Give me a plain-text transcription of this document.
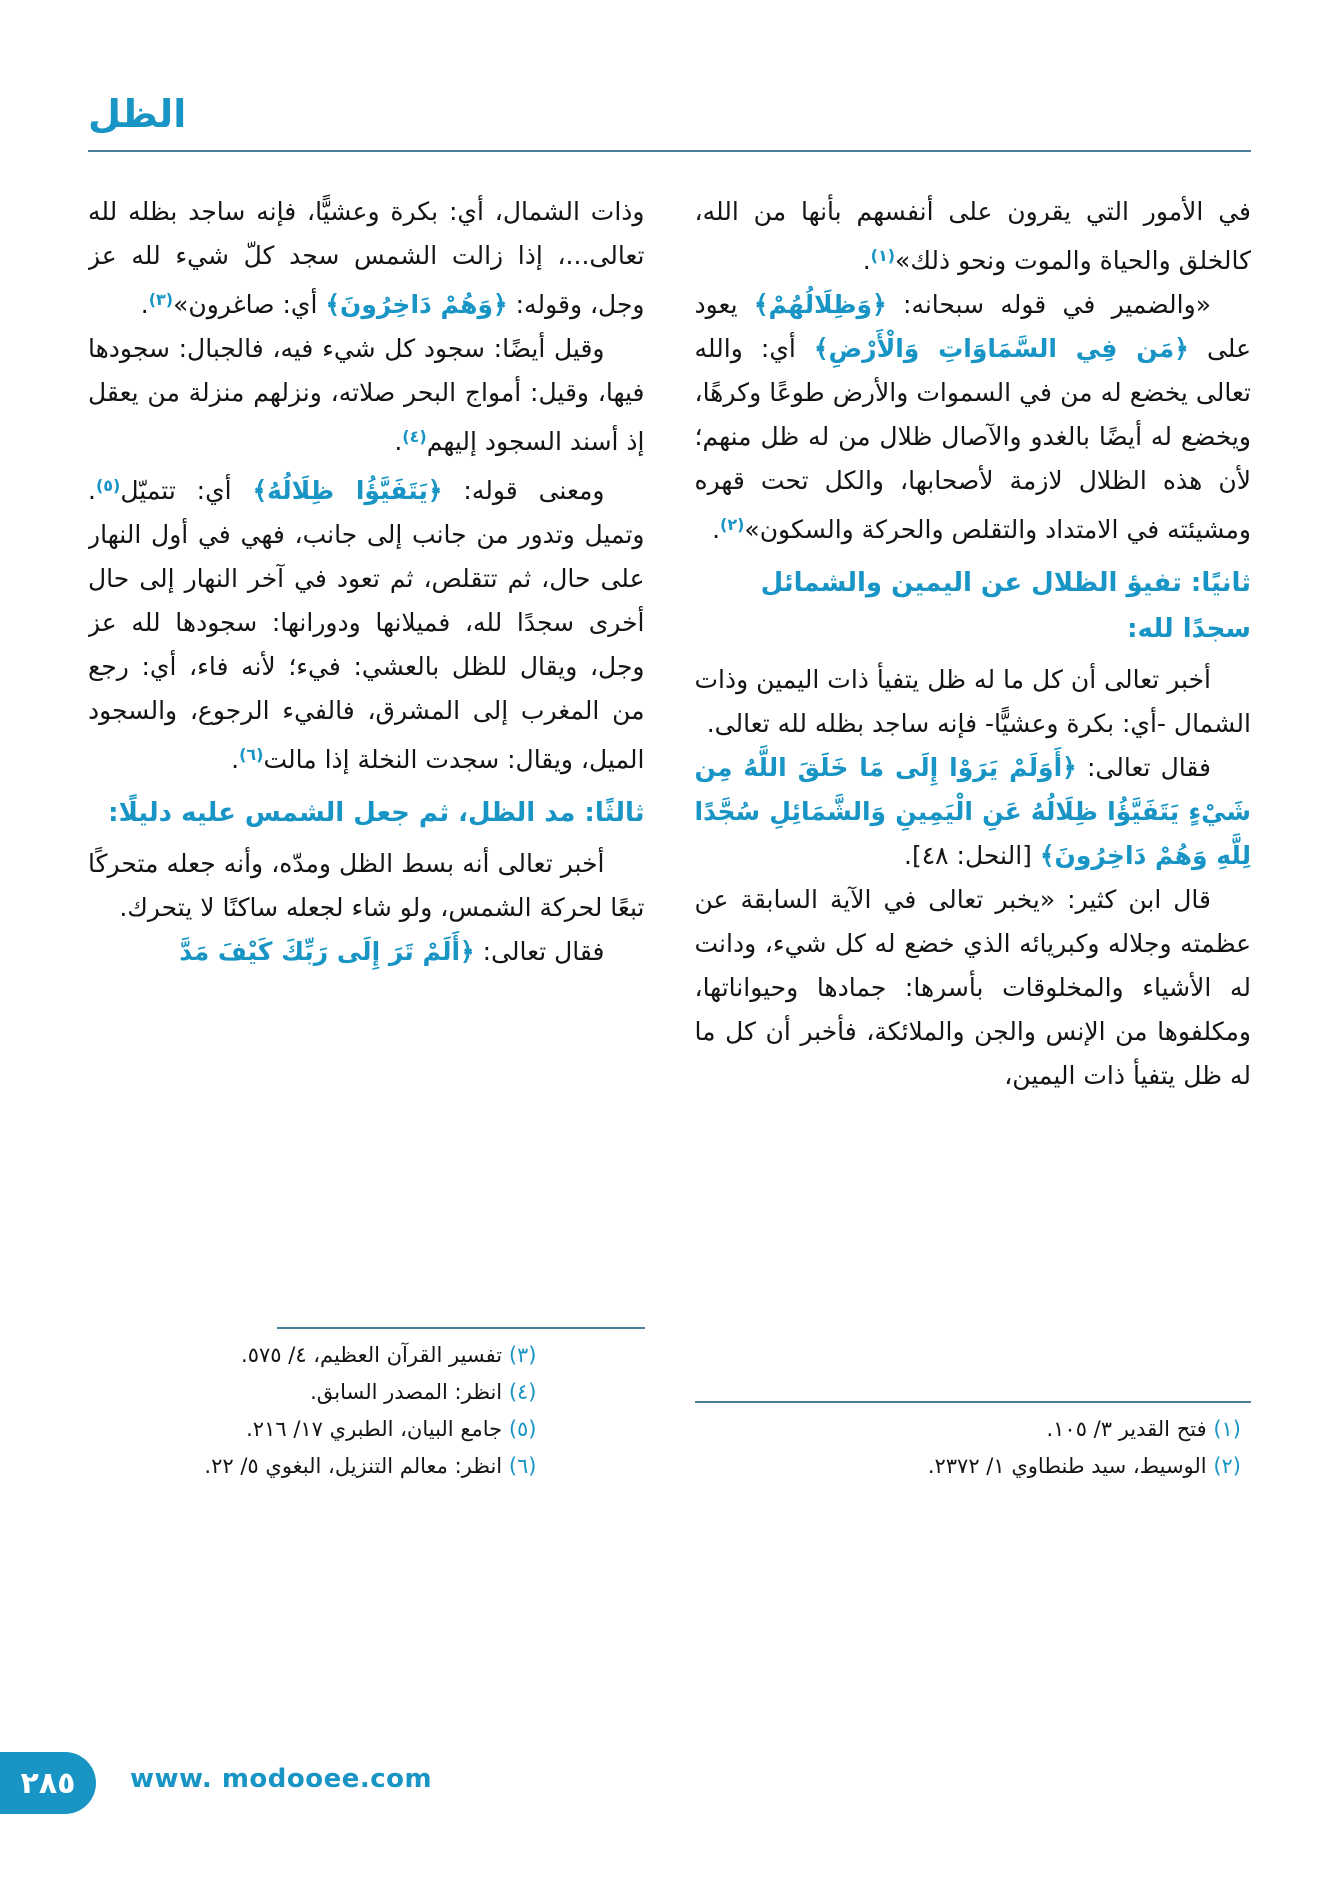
الظل

في الأمور التي يقرون على أنفسهم بأنها من الله، كالخلق والحياة والموت ونحو ذلك»$^{(١)}$.

«والضمير في قوله سبحانه: ﴿وَظِلَالُهُمْ﴾ يعود على ﴿مَن فِي السَّمَاوَاتِ وَالْأَرْضِ﴾ أي: والله تعالى يخضع له من في السموات والأرض طوعًا وكرهًا، ويخضع له أيضًا بالغدو والآصال ظلال من له ظل منهم؛ لأن هذه الظلال لازمة لأصحابها، والكل تحت قهره ومشيئته في الامتداد والتقلص والحركة والسكون»$^{(٢)}$.

ثانيًا: تفيؤ الظلال عن اليمين والشمائل سجدًا لله:

أخبر تعالى أن كل ما له ظل يتفيأ ذات اليمين وذات الشمال -أي: بكرة وعشيًّا- فإنه ساجد بظله لله تعالى.

فقال تعالى: ﴿أَوَلَمْ يَرَوْا إِلَى مَا خَلَقَ اللَّهُ مِن شَيْءٍ يَتَفَيَّؤُا ظِلَالُهُ عَنِ الْيَمِينِ وَالشَّمَائِلِ سُجَّدًا لِلَّهِ وَهُمْ دَاخِرُونَ﴾ [النحل: ٤٨].

قال ابن كثير: «يخبر تعالى في الآية السابقة عن عظمته وجلاله وكبريائه الذي خضع له كل شيء، ودانت له الأشياء والمخلوقات بأسرها: جمادها وحيواناتها، ومكلفوها من الإنس والجن والملائكة، فأخبر أن كل ما له ظل يتفيأ ذات اليمين،

(١) فتح القدير ٣/ ١٠٥.

(٢) الوسيط، سيد طنطاوي ١/ ٢٣٧٢.

وذات الشمال، أي: بكرة وعشيًّا، فإنه ساجد بظله لله تعالى...، إذا زالت الشمس سجد كلّ شيء لله عز وجل، وقوله: ﴿وَهُمْ دَاخِرُونَ﴾ أي: صاغرون»$^{(٣)}$.

وقيل أيضًا: سجود كل شيء فيه، فالجبال: سجودها فيها، وقيل: أمواج البحر صلاته، ونزلهم منزلة من يعقل إذ أسند السجود إليهم$^{(٤)}$.

ومعنى قوله: ﴿يَتَفَيَّؤُا ظِلَالُهُ﴾ أي: تتميّل$^{(٥)}$. وتميل وتدور من جانب إلى جانب، فهي في أول النهار على حال، ثم تتقلص، ثم تعود في آخر النهار إلى حال أخرى سجدًا لله، فميلانها ودورانها: سجودها لله عز وجل، ويقال للظل بالعشي: فيء؛ لأنه فاء، أي: رجع من المغرب إلى المشرق، فالفيء الرجوع، والسجود الميل، ويقال: سجدت النخلة إذا مالت$^{(٦)}$.

ثالثًا: مد الظل، ثم جعل الشمس عليه دليلًا:

أخبر تعالى أنه بسط الظل ومدّه، وأنه جعله متحركًا تبعًا لحركة الشمس، ولو شاء لجعله ساكنًا لا يتحرك.

فقال تعالى: ﴿أَلَمْ تَرَ إِلَى رَبِّكَ كَيْفَ مَدَّ

(٣) تفسير القرآن العظيم، ٤/ ٥٧٥.

(٤) انظر: المصدر السابق.

(٥) جامع البيان، الطبري ١٧/ ٢١٦.

(٦) انظر: معالم التنزيل، البغوي ٥/ ٢٢.

٢٨٥ www. modooee.com
